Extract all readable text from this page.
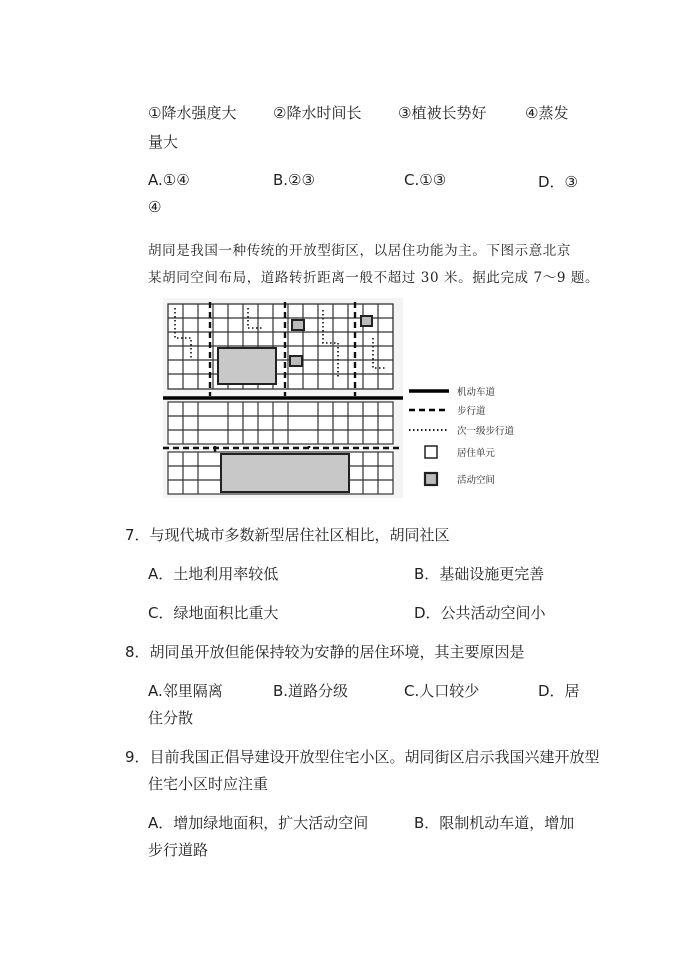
①降水强度大 ②降水时间长 ③植被长势好	④蒸发
量大
A.①④	B.②③	C.①③	D．③
④
胡同是我国一种传统的开放型街区，以居住功能为主。下图示意北京
某胡同空间布局，道路转折距离一般不超过 30 米。据此完成 7～9 题。
机动车道
步行道
次一级步行道
居住单元
活动空间
7．与现代城市多数新型居住社区相比，胡同社区
A．土地利用率较低	B．基础设施更完善
C．绿地面积比重大	D．公共活动空间小
8．胡同虽开放但能保持较为安静的居住环境，其主要原因是
A.邻里隔离	B.道路分级	C.人口较少	D．居
住分散
9．目前我国正倡导建设开放型住宅小区。胡同街区启示我国兴建开放型
住宅小区时应注重
A．增加绿地面积，扩大活动空间	B．限制机动车道，增加
步行道路
